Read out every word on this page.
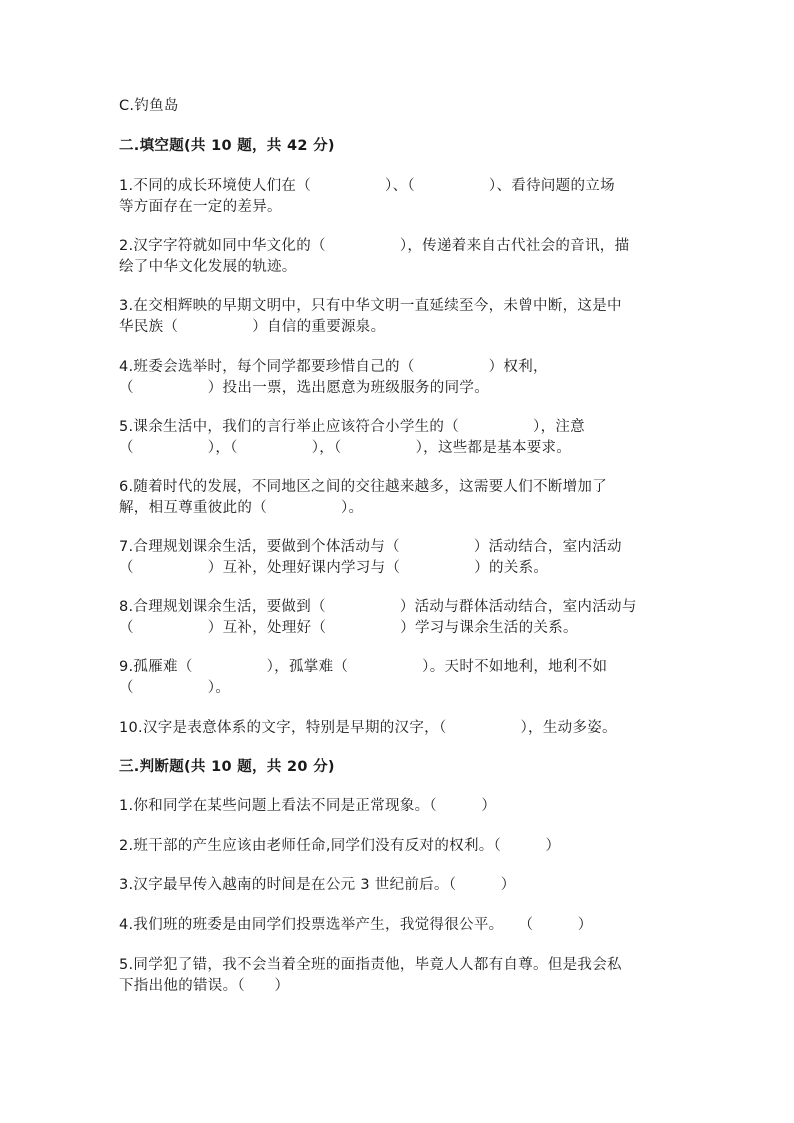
C.钓鱼岛
二.填空题(共 10 题，共 42 分)
1.不同的成长环境使人们在（　　　　　）、（　　　　　）、看待问题的立场
等方面存在一定的差异。
2.汉字字符就如同中华文化的（　　　　　），传递着来自古代社会的音讯，描
绘了中华文化发展的轨迹。
3.在交相辉映的早期文明中，只有中华文明一直延续至今，未曾中断，这是中
华民族（　　　　　）自信的重要源泉。
4.班委会选举时，每个同学都要珍惜自己的（　　　　　）权利，
（　　　　　）投出一票，选出愿意为班级服务的同学。
5.课余生活中，我们的言行举止应该符合小学生的（　　　　　），注意
（　　　　　），（　　　　　），（　　　　　），这些都是基本要求。
6.随着时代的发展，不同地区之间的交往越来越多，这需要人们不断增加了
解，相互尊重彼此的（　　　　　）。
7.合理规划课余生活，要做到个体活动与（　　　　　）活动结合，室内活动
（　　　　　）互补，处理好课内学习与（　　　　　）的关系。
8.合理规划课余生活，要做到（　　　　　）活动与群体活动结合，室内活动与
（　　　　　）互补，处理好（　　　　　）学习与课余生活的关系。
9.孤雁难（　　　　　），孤掌难（　　　　　）。天时不如地利，地利不如
（　　　　　）。
10.汉字是表意体系的文字，特别是早期的汉字，（　　　　　），生动多姿。
三.判断题(共 10 题，共 20 分)
1.你和同学在某些问题上看法不同是正常现象。（　　　）
2.班干部的产生应该由老师任命,同学们没有反对的权利。（　　　）
3.汉字最早传入越南的时间是在公元 3 世纪前后。（　　　）
4.我们班的班委是由同学们投票选举产生，我觉得很公平。　　（　　　）
5.同学犯了错，我不会当着全班的面指责他，毕竟人人都有自尊。但是我会私
下指出他的错误。（　　）
